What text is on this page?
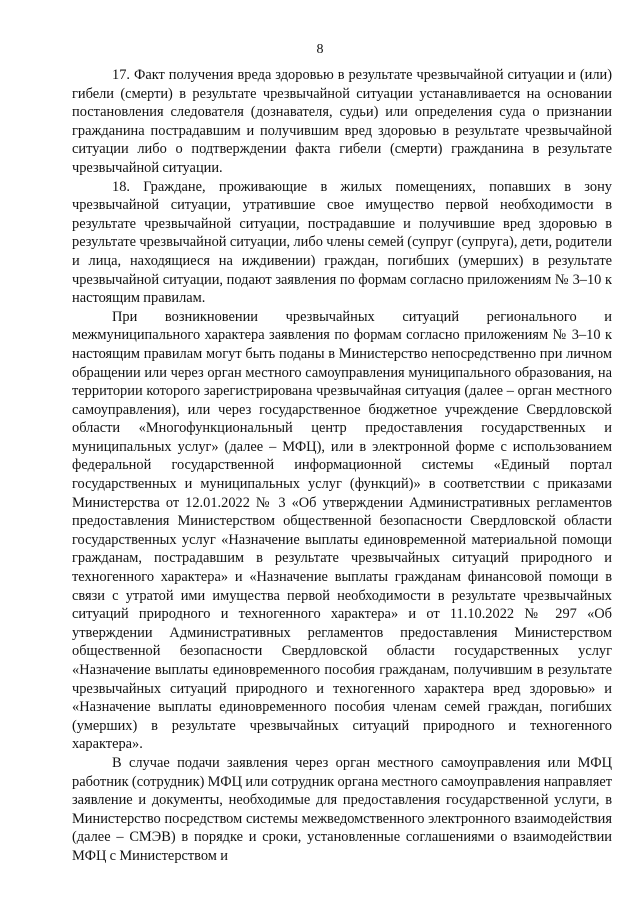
8

17. Факт получения вреда здоровью в результате чрезвычайной ситуации и (или) гибели (смерти) в результате чрезвычайной ситуации устанавливается на основании постановления следователя (дознавателя, судьи) или определения суда о признании гражданина пострадавшим и получившим вред здоровью в результате чрезвычайной ситуации либо о подтверждении факта гибели (смерти) гражданина в результате чрезвычайной ситуации.

18. Граждане, проживающие в жилых помещениях, попавших в зону чрезвычайной ситуации, утратившие свое имущество первой необходимости в результате чрезвычайной ситуации, пострадавшие и получившие вред здоровью в результате чрезвычайной ситуации, либо члены семей (супруг (супруга), дети, родители и лица, находящиеся на иждивении) граждан, погибших (умерших) в результате чрезвычайной ситуации, подают заявления по формам согласно приложениям № 3–10 к настоящим правилам.

При возникновении чрезвычайных ситуаций регионального и межмуниципального характера заявления по формам согласно приложениям № 3–10 к настоящим правилам могут быть поданы в Министерство непосредственно при личном обращении или через орган местного самоуправления муниципального образования, на территории которого зарегистрирована чрезвычайная ситуация (далее – орган местного самоуправления), или через государственное бюджетное учреждение Свердловской области «Многофункциональный центр предоставления государственных и муниципальных услуг» (далее – МФЦ), или в электронной форме с использованием федеральной государственной информационной системы «Единый портал государственных и муниципальных услуг (функций)» в соответствии с приказами Министерства от 12.01.2022 № 3 «Об утверждении Административных регламентов предоставления Министерством общественной безопасности Свердловской области государственных услуг «Назначение выплаты единовременной материальной помощи гражданам, пострадавшим в результате чрезвычайных ситуаций природного и техногенного характера» и «Назначение выплаты гражданам финансовой помощи в связи с утратой ими имущества первой необходимости в результате чрезвычайных ситуаций природного и техногенного характера» и от 11.10.2022 № 297 «Об утверждении Административных регламентов предоставления Министерством общественной безопасности Свердловской области государственных услуг «Назначение выплаты единовременного пособия гражданам, получившим в результате чрезвычайных ситуаций природного и техногенного характера вред здоровью» и «Назначение выплаты единовременного пособия членам семей граждан, погибших (умерших) в результате чрезвычайных ситуаций природного и техногенного характера».

В случае подачи заявления через орган местного самоуправления или МФЦ работник (сотрудник) МФЦ или сотрудник органа местного самоуправления направляет заявление и документы, необходимые для предоставления государственной услуги, в Министерство посредством системы межведомственного электронного взаимодействия (далее – СМЭВ) в порядке и сроки, установленные соглашениями о взаимодействии МФЦ с Министерством и
